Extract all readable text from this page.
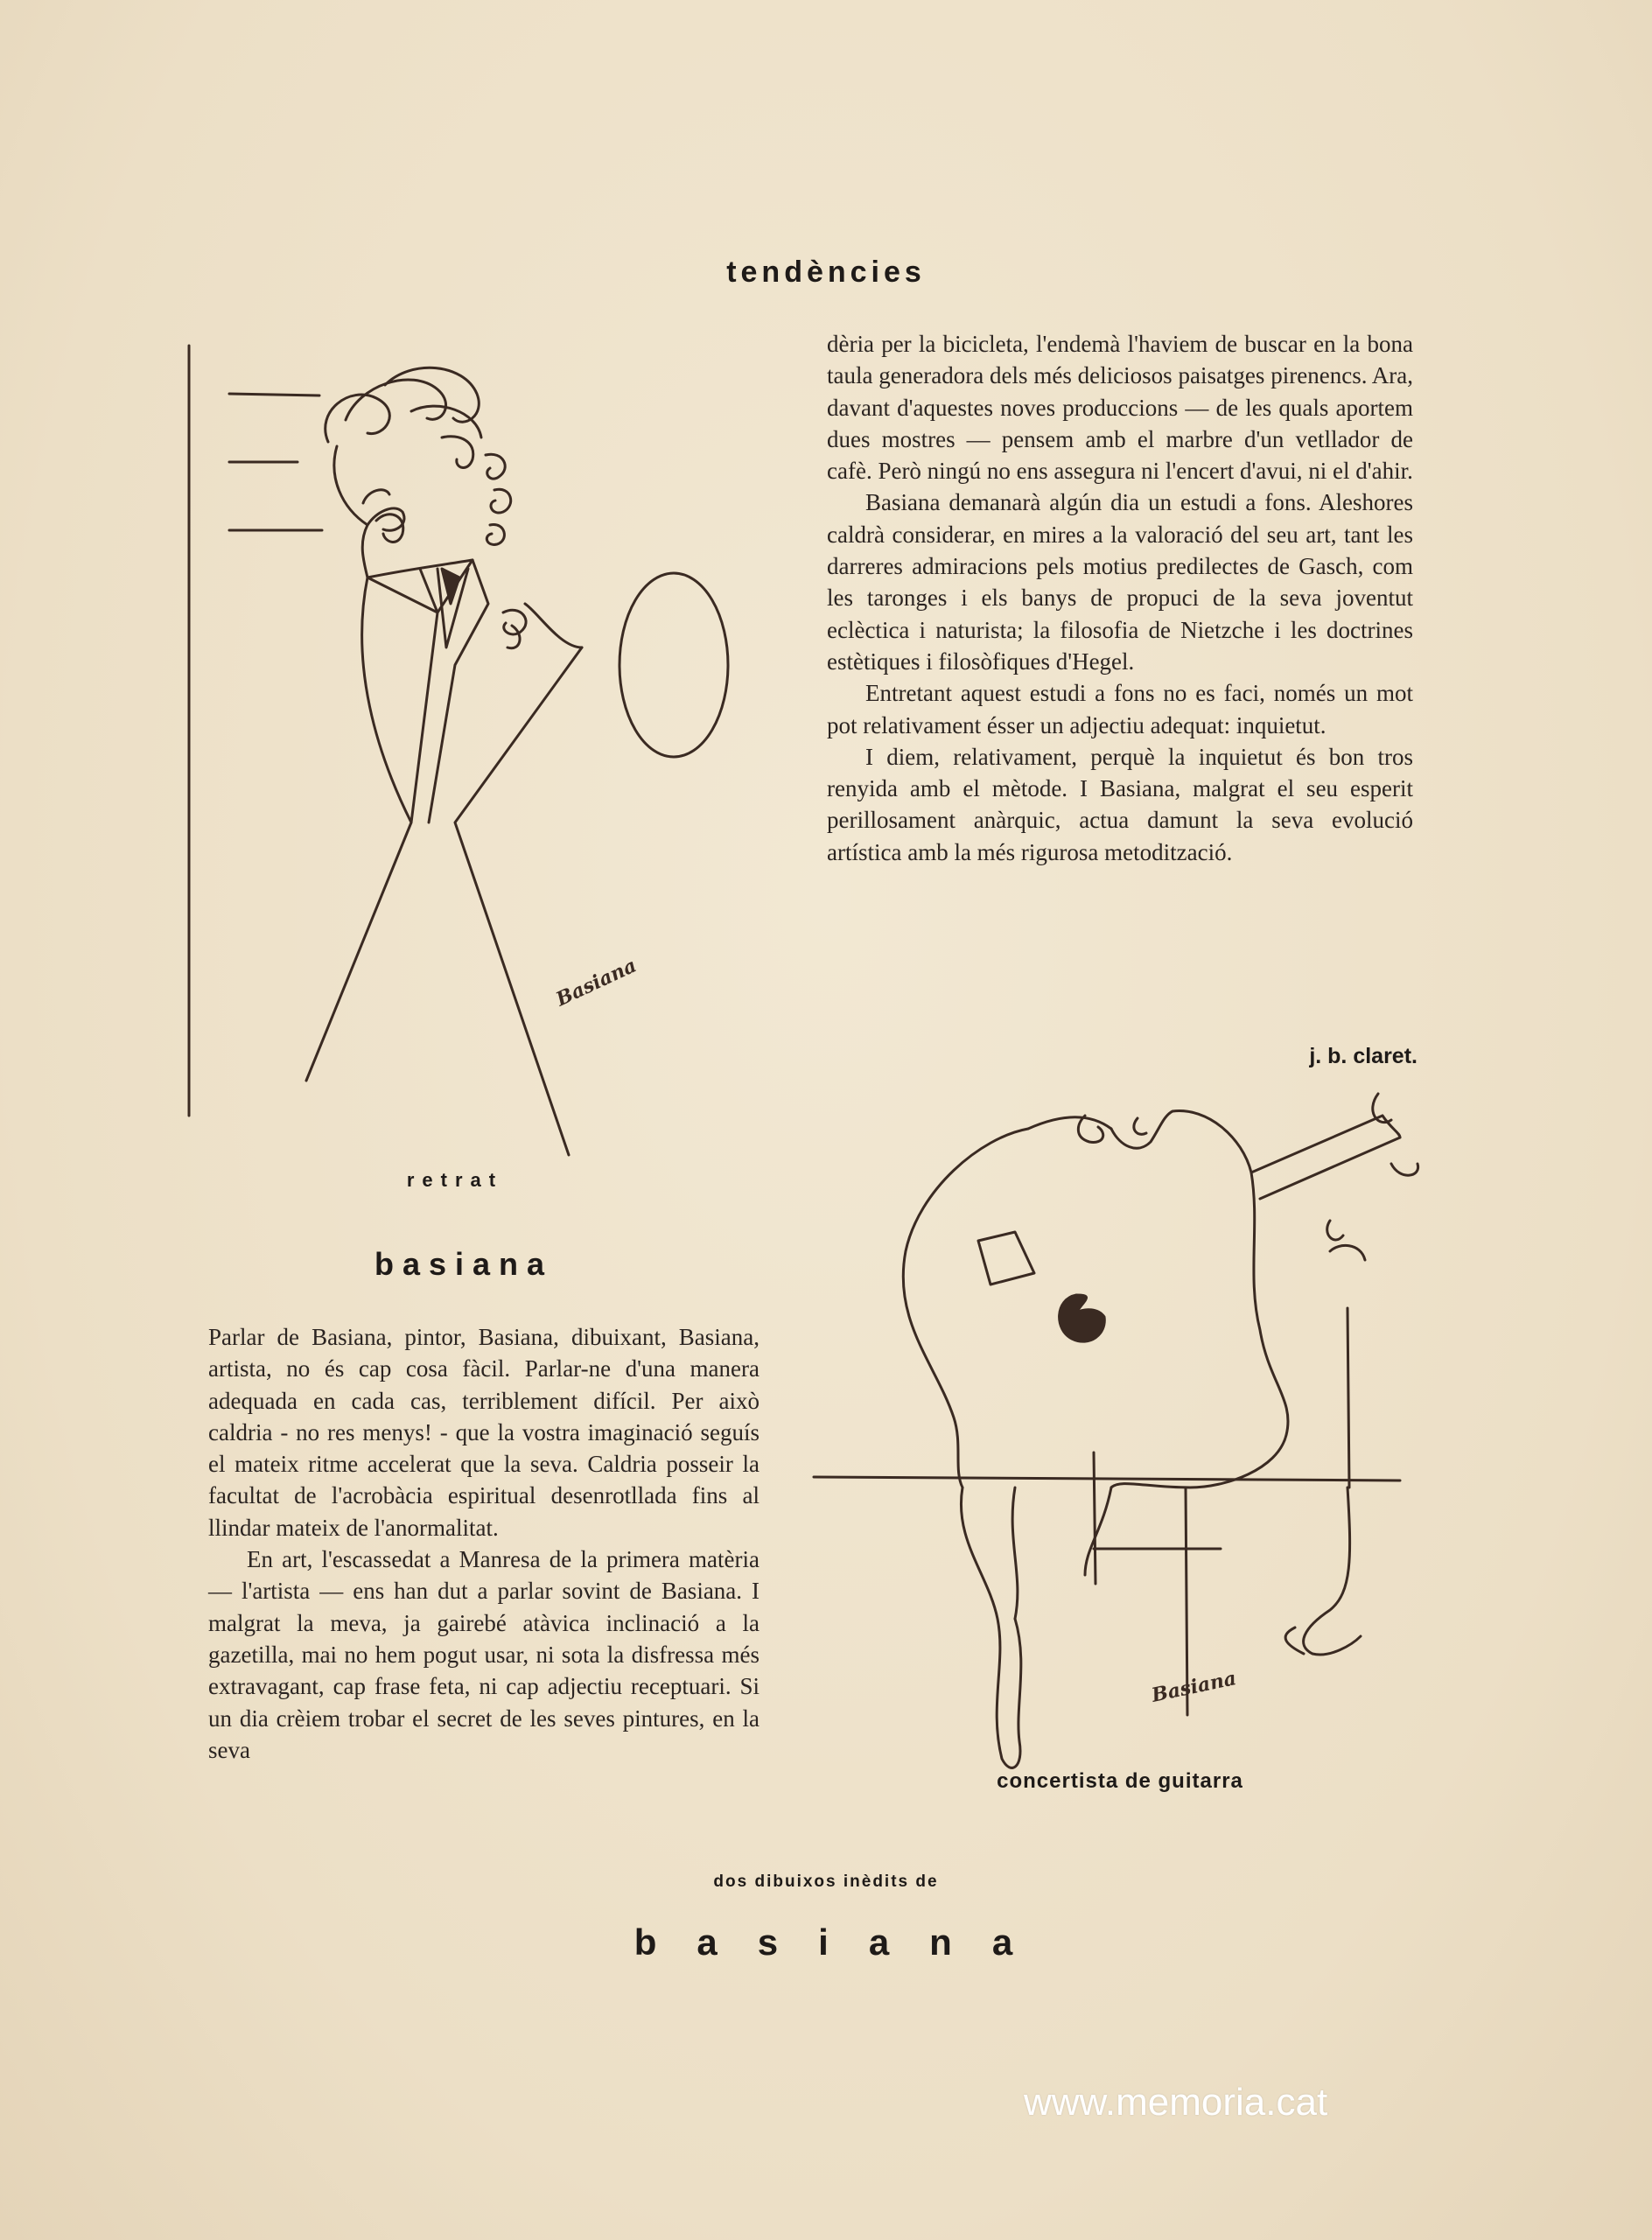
tendències
Basiana
Basiana

dèria per la bicicleta, l'endemà l'haviem de buscar en la bona taula generadora dels més deliciosos paisatges pirenencs. Ara, davant d'aquestes noves produccions — de les quals aportem dues mostres — pensem amb el marbre d'un vetllador de cafè. Però ningú no ens assegura ni l'encert d'avui, ni el d'ahir.

Basiana demanarà algún dia un estudi a fons. Aleshores caldrà considerar, en mires a la valoració del seu art, tant les darreres admiracions pels motius predilectes de Gasch, com les taronges i els banys de propuci de la seva joventut eclèctica i naturista; la filosofia de Nietzche i les doctrines estètiques i filosòfiques d'Hegel.

Entretant aquest estudi a fons no es faci, només un mot pot relativament ésser un adjectiu adequat: inquietut.

I diem, relativament, perquè la inquietut és bon tros renyida amb el mètode. I Basiana, malgrat el seu esperit perillosament anàrquic, actua damunt la seva evolució artística amb la més rigurosa metodització.

j. b. claret.
retrat
basiana

Parlar de Basiana, pintor, Basiana, dibuixant, Basiana, artista, no és cap cosa fàcil. Parlar-ne d'una manera adequada en cada cas, terriblement difícil. Per això caldria - no res menys! - que la vostra imaginació seguís el mateix ritme accelerat que la seva. Caldria posseir la facultat de l'acrobàcia espiritual desenrotllada fins al llindar mateix de l'anormalitat.

En art, l'escassedat a Manresa de la primera matèria — l'artista — ens han dut a parlar sovint de Basiana. I malgrat la meva, ja gairebé atàvica inclinació a la gazetilla, mai no hem pogut usar, ni sota la disfressa més extravagant, cap frase feta, ni cap adjectiu receptuari. Si un dia crèiem trobar el secret de les seves pintures, en la seva

concertista de guitarra
dos dibuixos inèdits de
basiana
www.memoria.cat
